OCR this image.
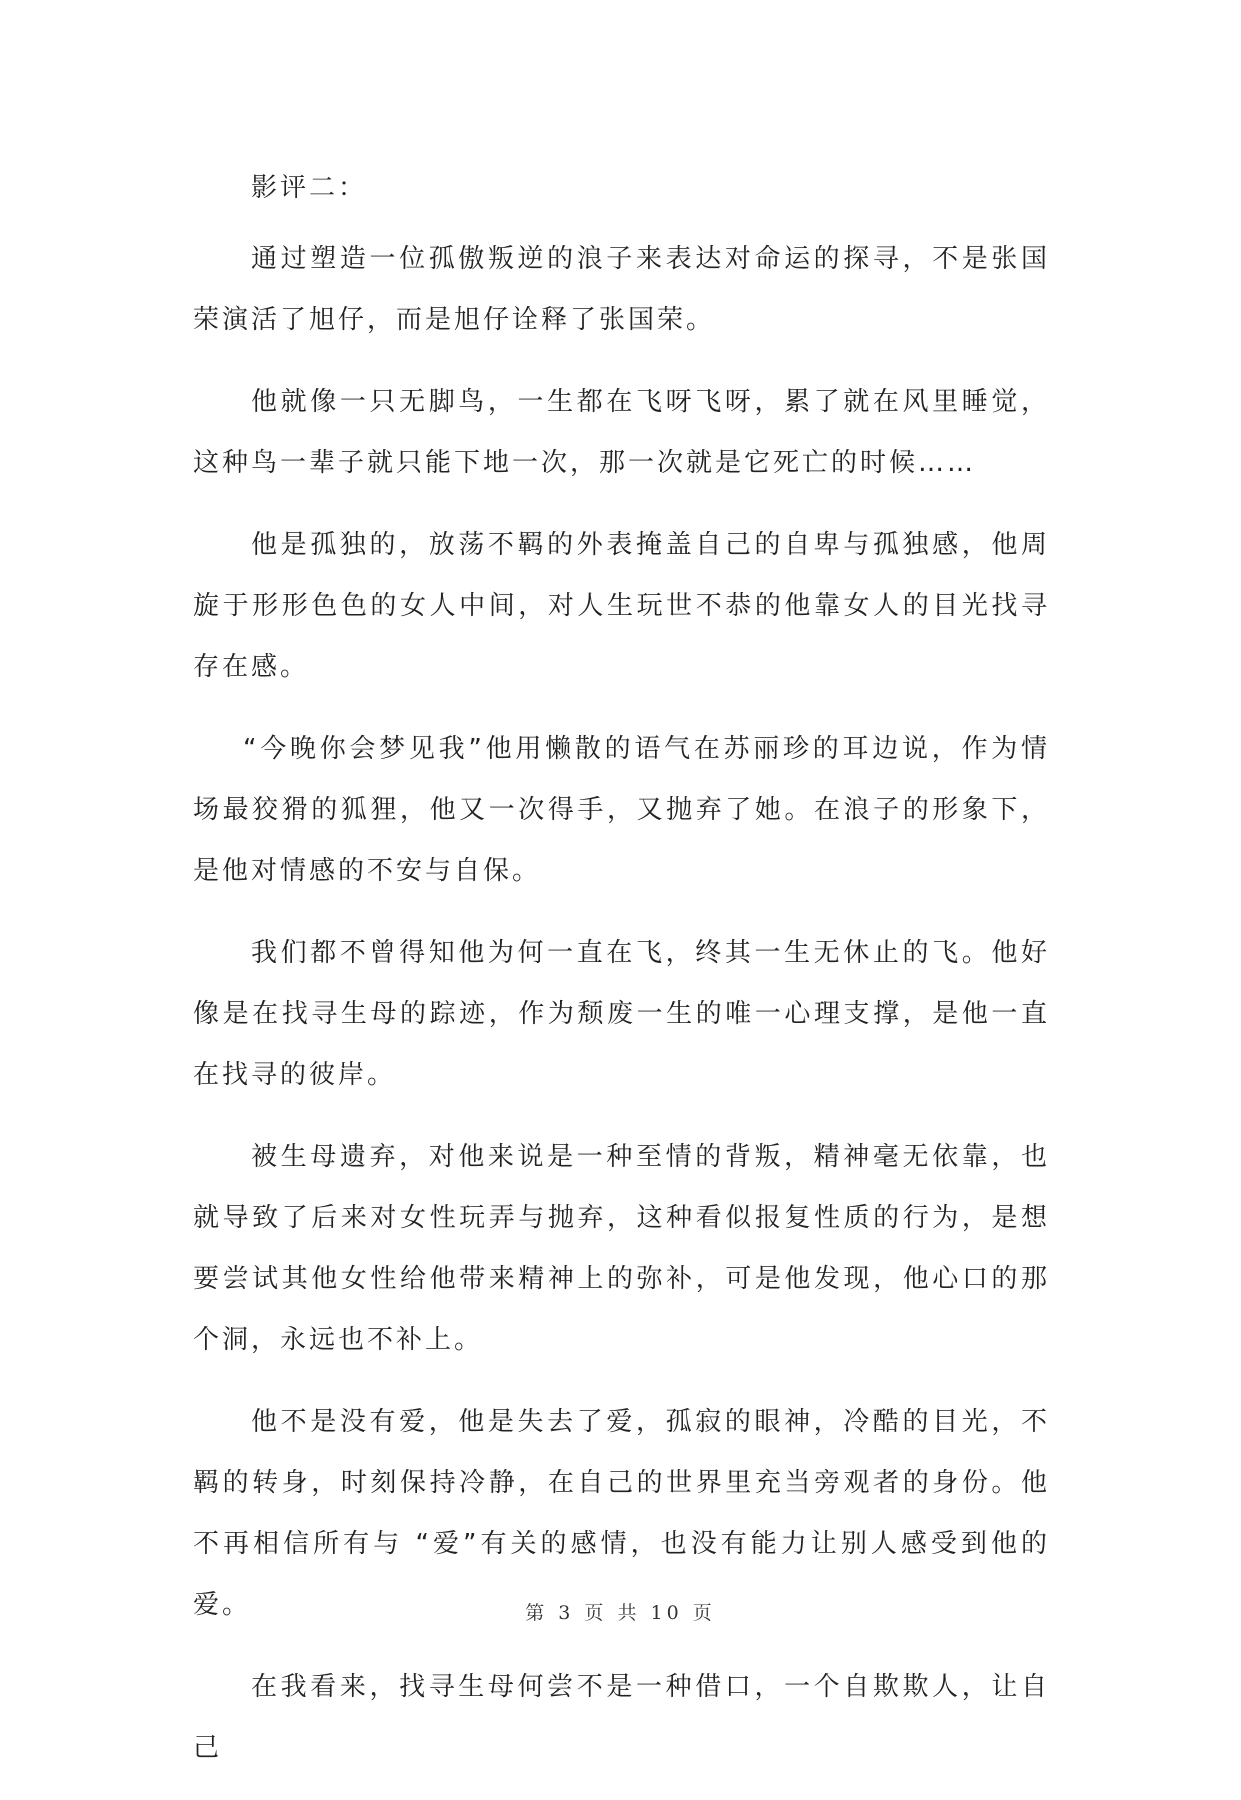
影评二：

通过塑造一位孤傲叛逆的浪子来表达对命运的探寻，不是张国荣演活了旭仔，而是旭仔诠释了张国荣。

他就像一只无脚鸟，一生都在飞呀飞呀，累了就在风里睡觉，这种鸟一辈子就只能下地一次，那一次就是它死亡的时候……

他是孤独的，放荡不羁的外表掩盖自己的自卑与孤独感，他周旋于形形色色的女人中间，对人生玩世不恭的他靠女人的目光找寻存在感。

“今晚你会梦见我”他用懒散的语气在苏丽珍的耳边说，作为情场最狡猾的狐狸，他又一次得手，又抛弃了她。在浪子的形象下，是他对情感的不安与自保。

我们都不曾得知他为何一直在飞，终其一生无休止的飞。他好像是在找寻生母的踪迹，作为颓废一生的唯一心理支撑，是他一直在找寻的彼岸。

被生母遗弃，对他来说是一种至情的背叛，精神毫无依靠，也就导致了后来对女性玩弄与抛弃，这种看似报复性质的行为，是想要尝试其他女性给他带来精神上的弥补，可是他发现，他心口的那个洞，永远也不补上。

他不是没有爱，他是失去了爱，孤寂的眼神，冷酷的目光，不羁的转身，时刻保持冷静，在自己的世界里充当旁观者的身份。他不再相信所有与 “爱”有关的感情，也没有能力让别人感受到他的爱。

在我看来，找寻生母何尝不是一种借口，一个自欺欺人，让自己

第 3 页 共 10 页
